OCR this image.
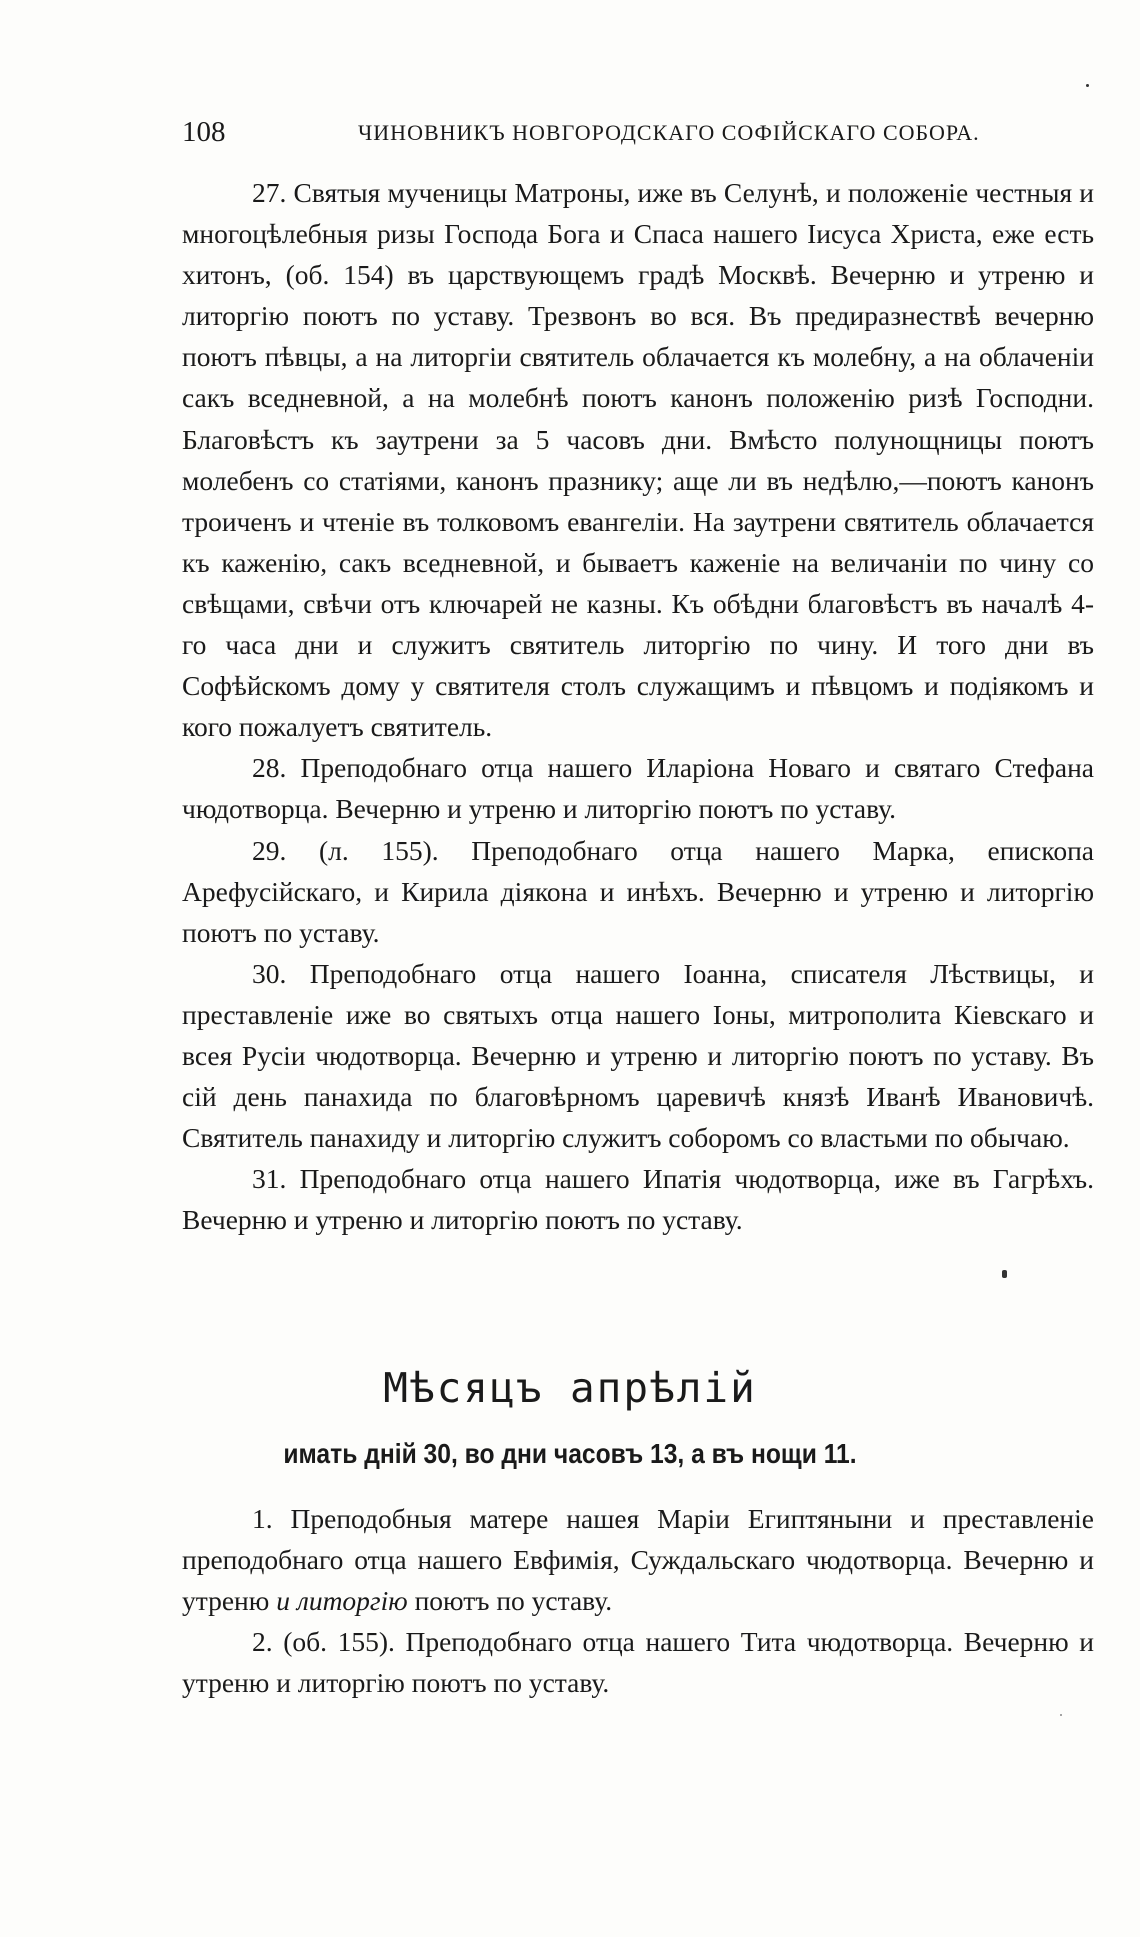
108	ЧИНОВНИКЪ НОВГОРОДСКАГО СОФІЙСКАГО СОБОРА.

27. Святыя мученицы Матроны, иже въ Селунѣ, и положеніе честныя и многоцѣлебныя ризы Господа Бога и Спаса нашего Іисуса Христа, еже есть хитонъ, (об. 154) въ царствующемъ градѣ Москвѣ. Вечерню и утреню и литоргію поютъ по уставу. Трезвонъ во вся. Въ предиразнествѣ вечерню поютъ пѣвцы, а на литоргіи святитель облачается къ молебну, а на облаченіи сакъ вседневной, а на молебнѣ поютъ канонъ положенію ризѣ Господни. Благовѣстъ къ заутрени за 5 часовъ дни. Вмѣсто полунощницы поютъ молебенъ со статіями, канонъ празнику; аще ли въ недѣлю,—поютъ канонъ троиченъ и чтеніе въ толковомъ евангеліи. На заутрени святитель облачается къ каженію, сакъ вседневной, и бываетъ каженіе на величаніи по чину со свѣщами, свѣчи отъ ключарей не казны. Къ обѣдни благовѣстъ въ началѣ 4-го часа дни и служитъ святитель литоргію по чину. И того дни въ Софѣйскомъ дому у святителя столъ служащимъ и пѣвцомъ и подіякомъ и кого пожалуетъ святитель.

28. Преподобнаго отца нашего Иларіона Новаго и святаго Стефана чюдотворца. Вечерню и утреню и литоргію поютъ по уставу.

29. (л. 155). Преподобнаго отца нашего Марка, епископа Арефусійскаго, и Кирила діякона и инѣхъ. Вечерню и утреню и литоргію поютъ по уставу.

30. Преподобнаго отца нашего Іоанна, списателя Лѣствицы, и преставленіе иже во святыхъ отца нашего Іоны, митрополита Кіевскаго и всея Русіи чюдотворца. Вечерню и утреню и литоргію поютъ по уставу. Въ сій день панахида по благовѣрномъ царевичѣ князѣ Иванѣ Ивановичѣ. Святитель панахиду и литоргію служитъ соборомъ со властьми по обычаю.

31. Преподобнаго отца нашего Ипатія чюдотворца, иже въ Гагрѣхъ. Вечерню и утреню и литоргію поютъ по уставу.

Мѣсяцъ апрѣлій
имать днiй 30, во дни часовъ 13, а въ нощи 11.

1. Преподобныя матере нашея Маріи Египтяныни и преставленіе преподобнаго отца нашего Евфимія, Суждальскаго чюдотворца. Вечерню и утреню и литоргію поютъ по уставу.

2. (об. 155). Преподобнаго отца нашего Тита чюдотворца. Вечерню и утреню и литоргію поютъ по уставу.
